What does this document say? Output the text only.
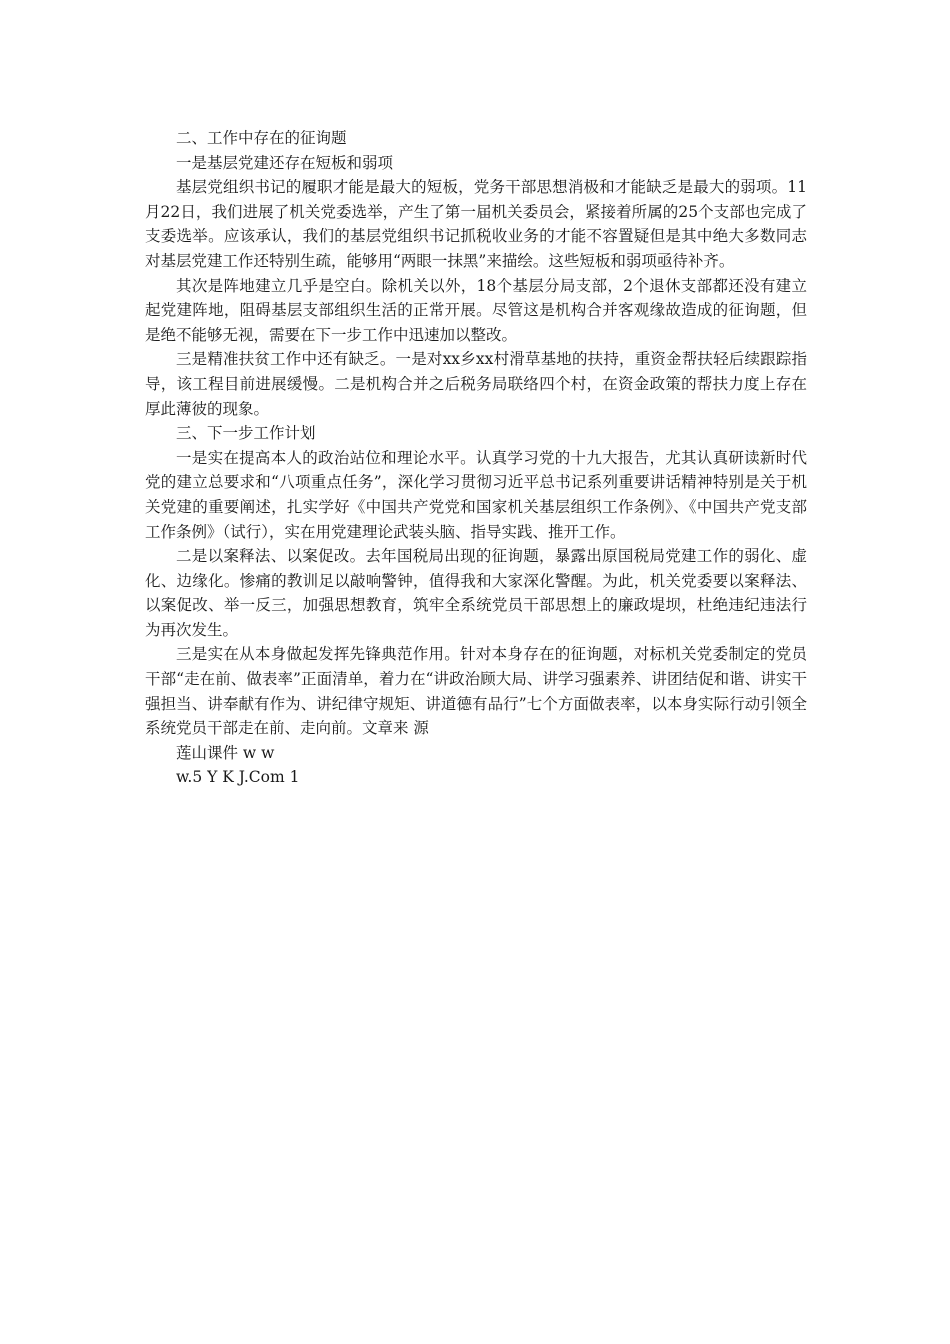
二、工作中存在的征询题

一是基层党建还存在短板和弱项

基层党组织书记的履职才能是最大的短板，党务干部思想消极和才能缺乏是最大的弱项。11月22日，我们进展了机关党委选举，产生了第一届机关委员会，紧接着所属的25个支部也完成了支委选举。应该承认，我们的基层党组织书记抓税收业务的才能不容置疑但是其中绝大多数同志对基层党建工作还特别生疏，能够用“两眼一抹黑”来描绘。这些短板和弱项亟待补齐。

其次是阵地建立几乎是空白。除机关以外，18个基层分局支部，2个退休支部都还没有建立起党建阵地，阻碍基层支部组织生活的正常开展。尽管这是机构合并客观缘故造成的征询题，但是绝不能够无视，需要在下一步工作中迅速加以整改。

三是精准扶贫工作中还有缺乏。一是对xx乡xx村滑草基地的扶持，重资金帮扶轻后续跟踪指导，该工程目前进展缓慢。二是机构合并之后税务局联络四个村，在资金政策的帮扶力度上存在厚此薄彼的现象。

三、下一步工作计划

一是实在提高本人的政治站位和理论水平。认真学习党的十九大报告，尤其认真研读新时代党的建立总要求和“八项重点任务”，深化学习贯彻习近平总书记系列重要讲话精神特别是关于机关党建的重要阐述，扎实学好《中国共产党党和国家机关基层组织工作条例》、《中国共产党支部工作条例》（试行），实在用党建理论武装头脑、指导实践、推开工作。

二是以案释法、以案促改。去年国税局出现的征询题，暴露出原国税局党建工作的弱化、虚化、边缘化。惨痛的教训足以敲响警钟，值得我和大家深化警醒。为此，机关党委要以案释法、以案促改、举一反三，加强思想教育，筑牢全系统党员干部思想上的廉政堤坝，杜绝违纪违法行为再次发生。

三是实在从本身做起发挥先锋典范作用。针对本身存在的征询题，对标机关党委制定的党员干部“走在前、做表率”正面清单，着力在“讲政治顾大局、讲学习强素养、讲团结促和谐、讲实干强担当、讲奉献有作为、讲纪律守规矩、讲道德有品行”七个方面做表率，以本身实际行动引领全系统党员干部走在前、走向前。文章来 源

莲山课件 w w

w.5 Y K J.Com 1
